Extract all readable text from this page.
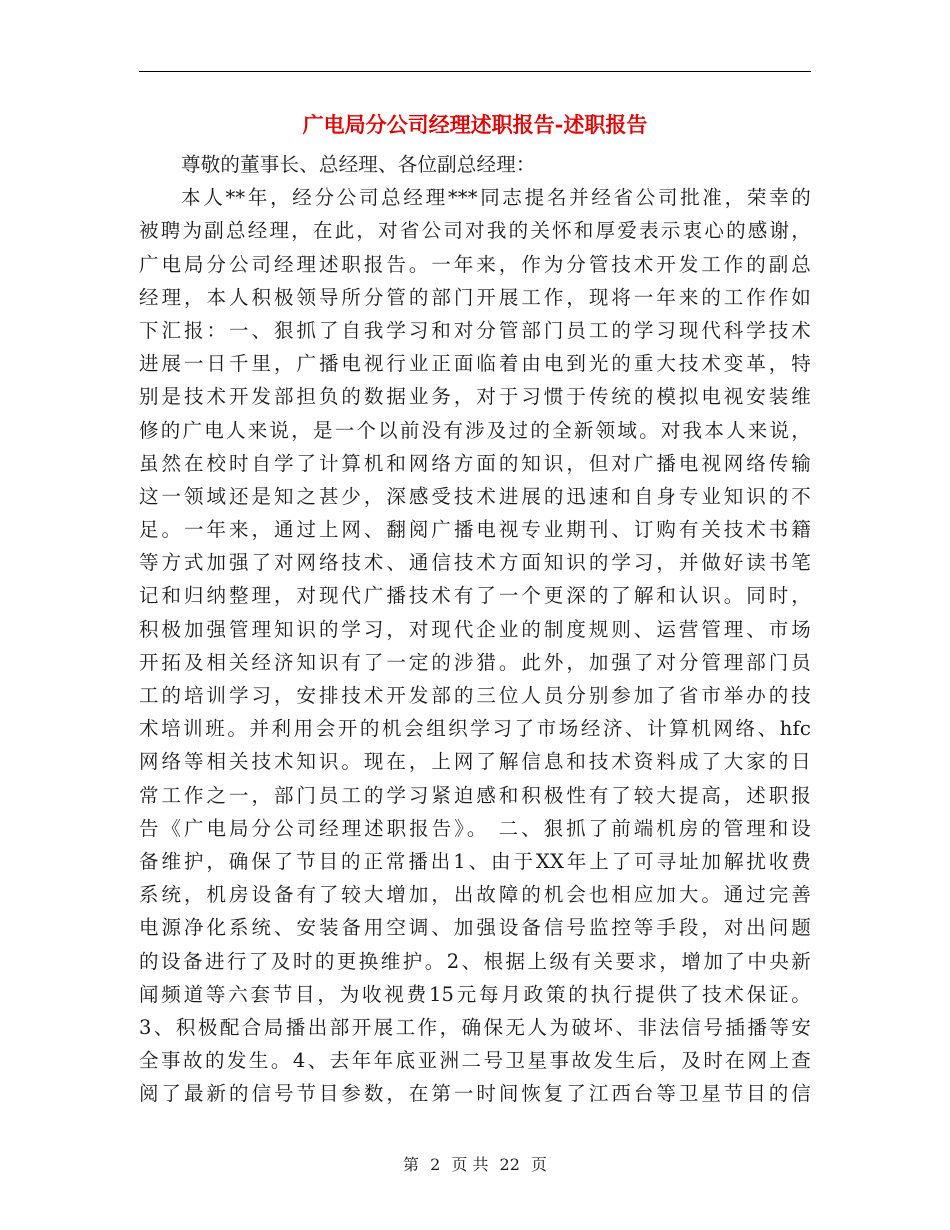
广电局分公司经理述职报告-述职报告
尊敬的董事长、总经理、各位副总经理：
本人**年，经分公司总经理***同志提名并经省公司批准，荣幸的
被聘为副总经理，在此，对省公司对我的关怀和厚爱表示衷心的感谢，
广电局分公司经理述职报告。一年来，作为分管技术开发工作的副总
经理，本人积极领导所分管的部门开展工作，现将一年来的工作作如
下汇报：一、狠抓了自我学习和对分管部门员工的学习现代科学技术
进展一日千里，广播电视行业正面临着由电到光的重大技术变革，特
别是技术开发部担负的数据业务，对于习惯于传统的模拟电视安装维
修的广电人来说，是一个以前没有涉及过的全新领域。对我本人来说，
虽然在校时自学了计算机和网络方面的知识，但对广播电视网络传输
这一领域还是知之甚少，深感受技术进展的迅速和自身专业知识的不
足。一年来，通过上网、翻阅广播电视专业期刊、订购有关技术书籍
等方式加强了对网络技术、通信技术方面知识的学习，并做好读书笔
记和归纳整理，对现代广播技术有了一个更深的了解和认识。同时，
积极加强管理知识的学习，对现代企业的制度规则、运营管理、市场
开拓及相关经济知识有了一定的涉猎。此外，加强了对分管理部门员
工的培训学习，安排技术开发部的三位人员分别参加了省市举办的技
术培训班。并利用会开的机会组织学习了市场经济、计算机网络、hfc
网络等相关技术知识。现在，上网了解信息和技术资料成了大家的日
常工作之一，部门员工的学习紧迫感和积极性有了较大提高，述职报
告《广电局分公司经理述职报告》。 二、狠抓了前端机房的管理和设
备维护，确保了节目的正常播出1、由于XX年上了可寻址加解扰收费
系统，机房设备有了较大增加，出故障的机会也相应加大。通过完善
电源净化系统、安装备用空调、加强设备信号监控等手段，对出问题
的设备进行了及时的更换维护。2、根据上级有关要求，增加了中央新
闻频道等六套节目，为收视费15元每月政策的执行提供了技术保证。
3、积极配合局播出部开展工作，确保无人为破坏、非法信号插播等安
全事故的发生。4、去年年底亚洲二号卫星事故发生后，及时在网上查
阅了最新的信号节目参数，在第一时间恢复了江西台等卫星节目的信
第 2 页 共 22 页
